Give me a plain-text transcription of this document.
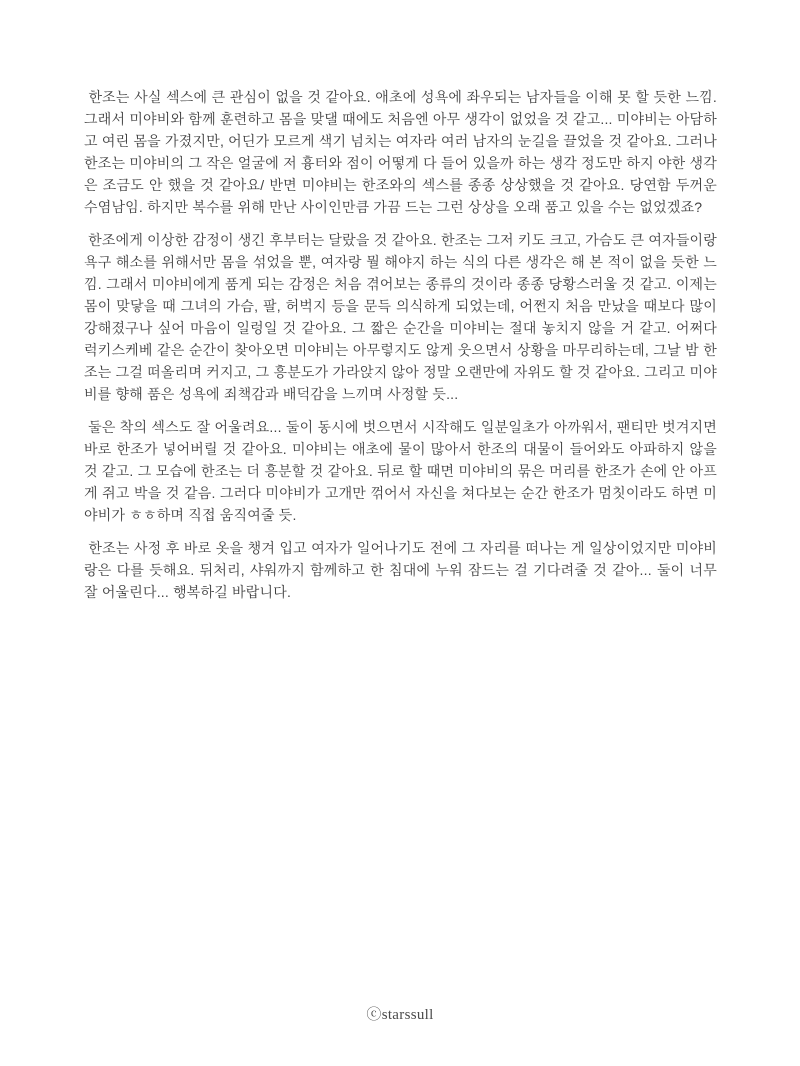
한조는 사실 섹스에 큰 관심이 없을 것 같아요. 애초에 성욕에 좌우되는 남자들을 이해 못 할 듯한 느낌. 그래서 미야비와 함께 훈련하고 몸을 맞댈 때에도 처음엔 아무 생각이 없었을 것 같고... 미야비는 아담하고 여린 몸을 가졌지만, 어딘가 모르게 색기 넘치는 여자라 여러 남자의 눈길을 끌었을 것 같아요. 그러나 한조는 미야비의 그 작은 얼굴에 저 흉터와 점이 어떻게 다 들어 있을까 하는 생각 정도만 하지 야한 생각은 조금도 안 했을 것 같아요/ 반면 미야비는 한조와의 섹스를 종종 상상했을 것 같아요. 당연함 두꺼운 수염남임. 하지만 복수를 위해 만난 사이인만큼 가끔 드는 그런 상상을 오래 품고 있을 수는 없었겠죠?

한조에게 이상한 감정이 생긴 후부터는 달랐을 것 같아요. 한조는 그저 키도 크고, 가슴도 큰 여자들이랑 욕구 해소를 위해서만 몸을 섞었을 뿐, 여자랑 뭘 해야지 하는 식의 다른 생각은 해 본 적이 없을 듯한 느낌. 그래서 미야비에게 품게 되는 감정은 처음 겪어보는 종류의 것이라 종종 당황스러울 것 같고. 이제는 몸이 맞닿을 때 그녀의 가슴, 팔, 허벅지 등을 문득 의식하게 되었는데, 어쩐지 처음 만났을 때보다 많이 강해졌구나 싶어 마음이 일렁일 것 같아요. 그 짧은 순간을 미야비는 절대 놓치지 않을 거 같고. 어쩌다 럭키스케베 같은 순간이 찾아오면 미야비는 아무렇지도 않게 웃으면서 상황을 마무리하는데, 그날 밤 한조는 그걸 떠올리며 커지고, 그 흥분도가 가라앉지 않아 정말 오랜만에 자위도 할 것 같아요. 그리고 미야비를 향해 품은 성욕에 죄책감과 배덕감을 느끼며 사정할 듯...

둘은 착의 섹스도 잘 어울려요... 둘이 동시에 벗으면서 시작해도 일분일초가 아까워서, 팬티만 벗겨지면 바로 한조가 넣어버릴 것 같아요. 미야비는 애초에 물이 많아서 한조의 대물이 들어와도 아파하지 않을 것 같고. 그 모습에 한조는 더 흥분할 것 같아요. 뒤로 할 때면 미야비의 묶은 머리를 한조가 손에 안 아프게 쥐고 박을 것 같음. 그러다 미야비가 고개만 꺾어서 자신을 쳐다보는 순간 한조가 멈칫이라도 하면 미야비가 ㅎㅎ하며 직접 움직여줄 듯.

한조는 사정 후 바로 옷을 챙겨 입고 여자가 일어나기도 전에 그 자리를 떠나는 게 일상이었지만 미야비랑은 다를 듯해요. 뒤처리, 샤워까지 함께하고 한 침대에 누워 잠드는 걸 기다려줄 것 같아... 둘이 너무 잘 어울린다... 행복하길 바랍니다.

ⓒstarssull
